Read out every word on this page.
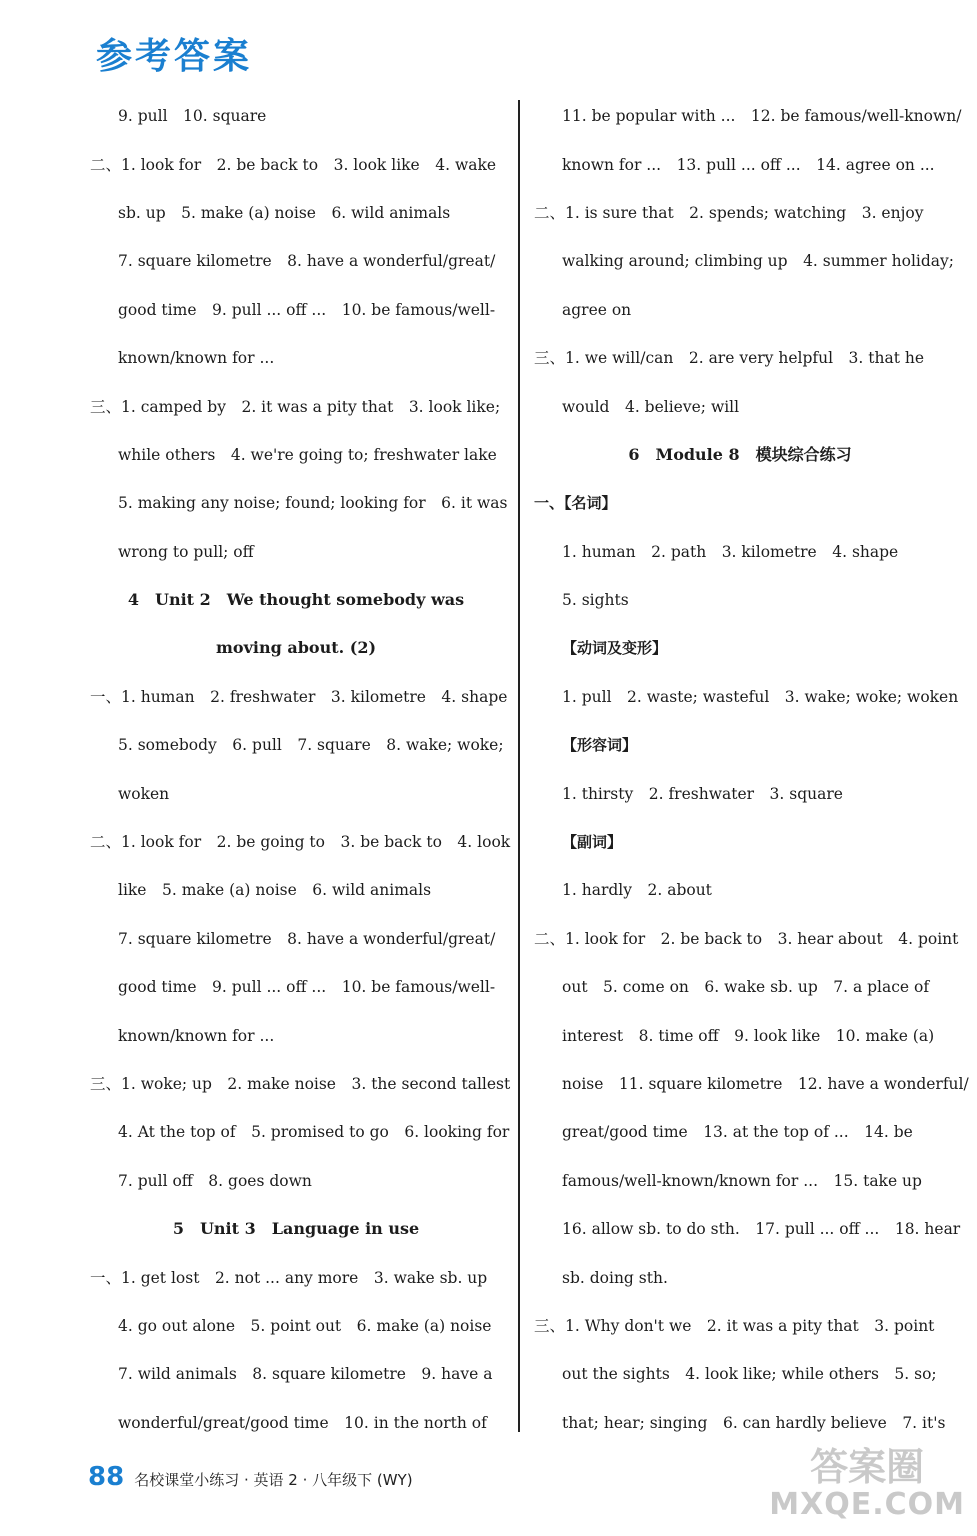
参考答案
9. pull　10. square
二、1. look for　2. be back to　3. look like　4. wake
sb. up　5. make (a) noise　6. wild animals
7. square kilometre　8. have a wonderful/great/
good time　9. pull ... off ...　10. be famous/well-
known/known for ...
三、1. camped by　2. it was a pity that　3. look like;
while others　4. we're going to; freshwater lake
5. making any noise; found; looking for　6. it was
wrong to pull; off
4　Unit 2　We thought somebody was
moving about. (2)
一、1. human　2. freshwater　3. kilometre　4. shape
5. somebody　6. pull　7. square　8. wake; woke;
woken
二、1. look for　2. be going to　3. be back to　4. look
like　5. make (a) noise　6. wild animals
7. square kilometre　8. have a wonderful/great/
good time　9. pull ... off ...　10. be famous/well-
known/known for ...
三、1. woke; up　2. make noise　3. the second tallest
4. At the top of　5. promised to go　6. looking for
7. pull off　8. goes down
5　Unit 3　Language in use
一、1. get lost　2. not ... any more　3. wake sb. up
4. go out alone　5. point out　6. make (a) noise
7. wild animals　8. square kilometre　9. have a
wonderful/great/good time　10. in the north of
11. be popular with ...　12. be famous/well-known/
known for ...　13. pull ... off ...　14. agree on ...
二、1. is sure that　2. spends; watching　3. enjoy
walking around; climbing up　4. summer holiday;
agree on
三、1. we will/can　2. are very helpful　3. that he
would　4. believe; will
6　Module 8　模块综合练习
一、【名词】
1. human　2. path　3. kilometre　4. shape
5. sights
【动词及变形】
1. pull　2. waste; wasteful　3. wake; woke; woken
【形容词】
1. thirsty　2. freshwater　3. square
【副词】
1. hardly　2. about
二、1. look for　2. be back to　3. hear about　4. point
out　5. come on　6. wake sb. up　7. a place of
interest　8. time off　9. look like　10. make (a)
noise　11. square kilometre　12. have a wonderful/
great/good time　13. at the top of ...　14. be
famous/well-known/known for ...　15. take up
16. allow sb. to do sth.　17. pull ... off ...　18. hear
sb. doing sth.
三、1. Why don't we　2. it was a pity that　3. point
out the sights　4. look like; while others　5. so;
that; hear; singing　6. can hardly believe　7. it's
88 名校课堂小练习 · 英语 2 · 八年级下 (WY)	答案圈
MXQE.COM
